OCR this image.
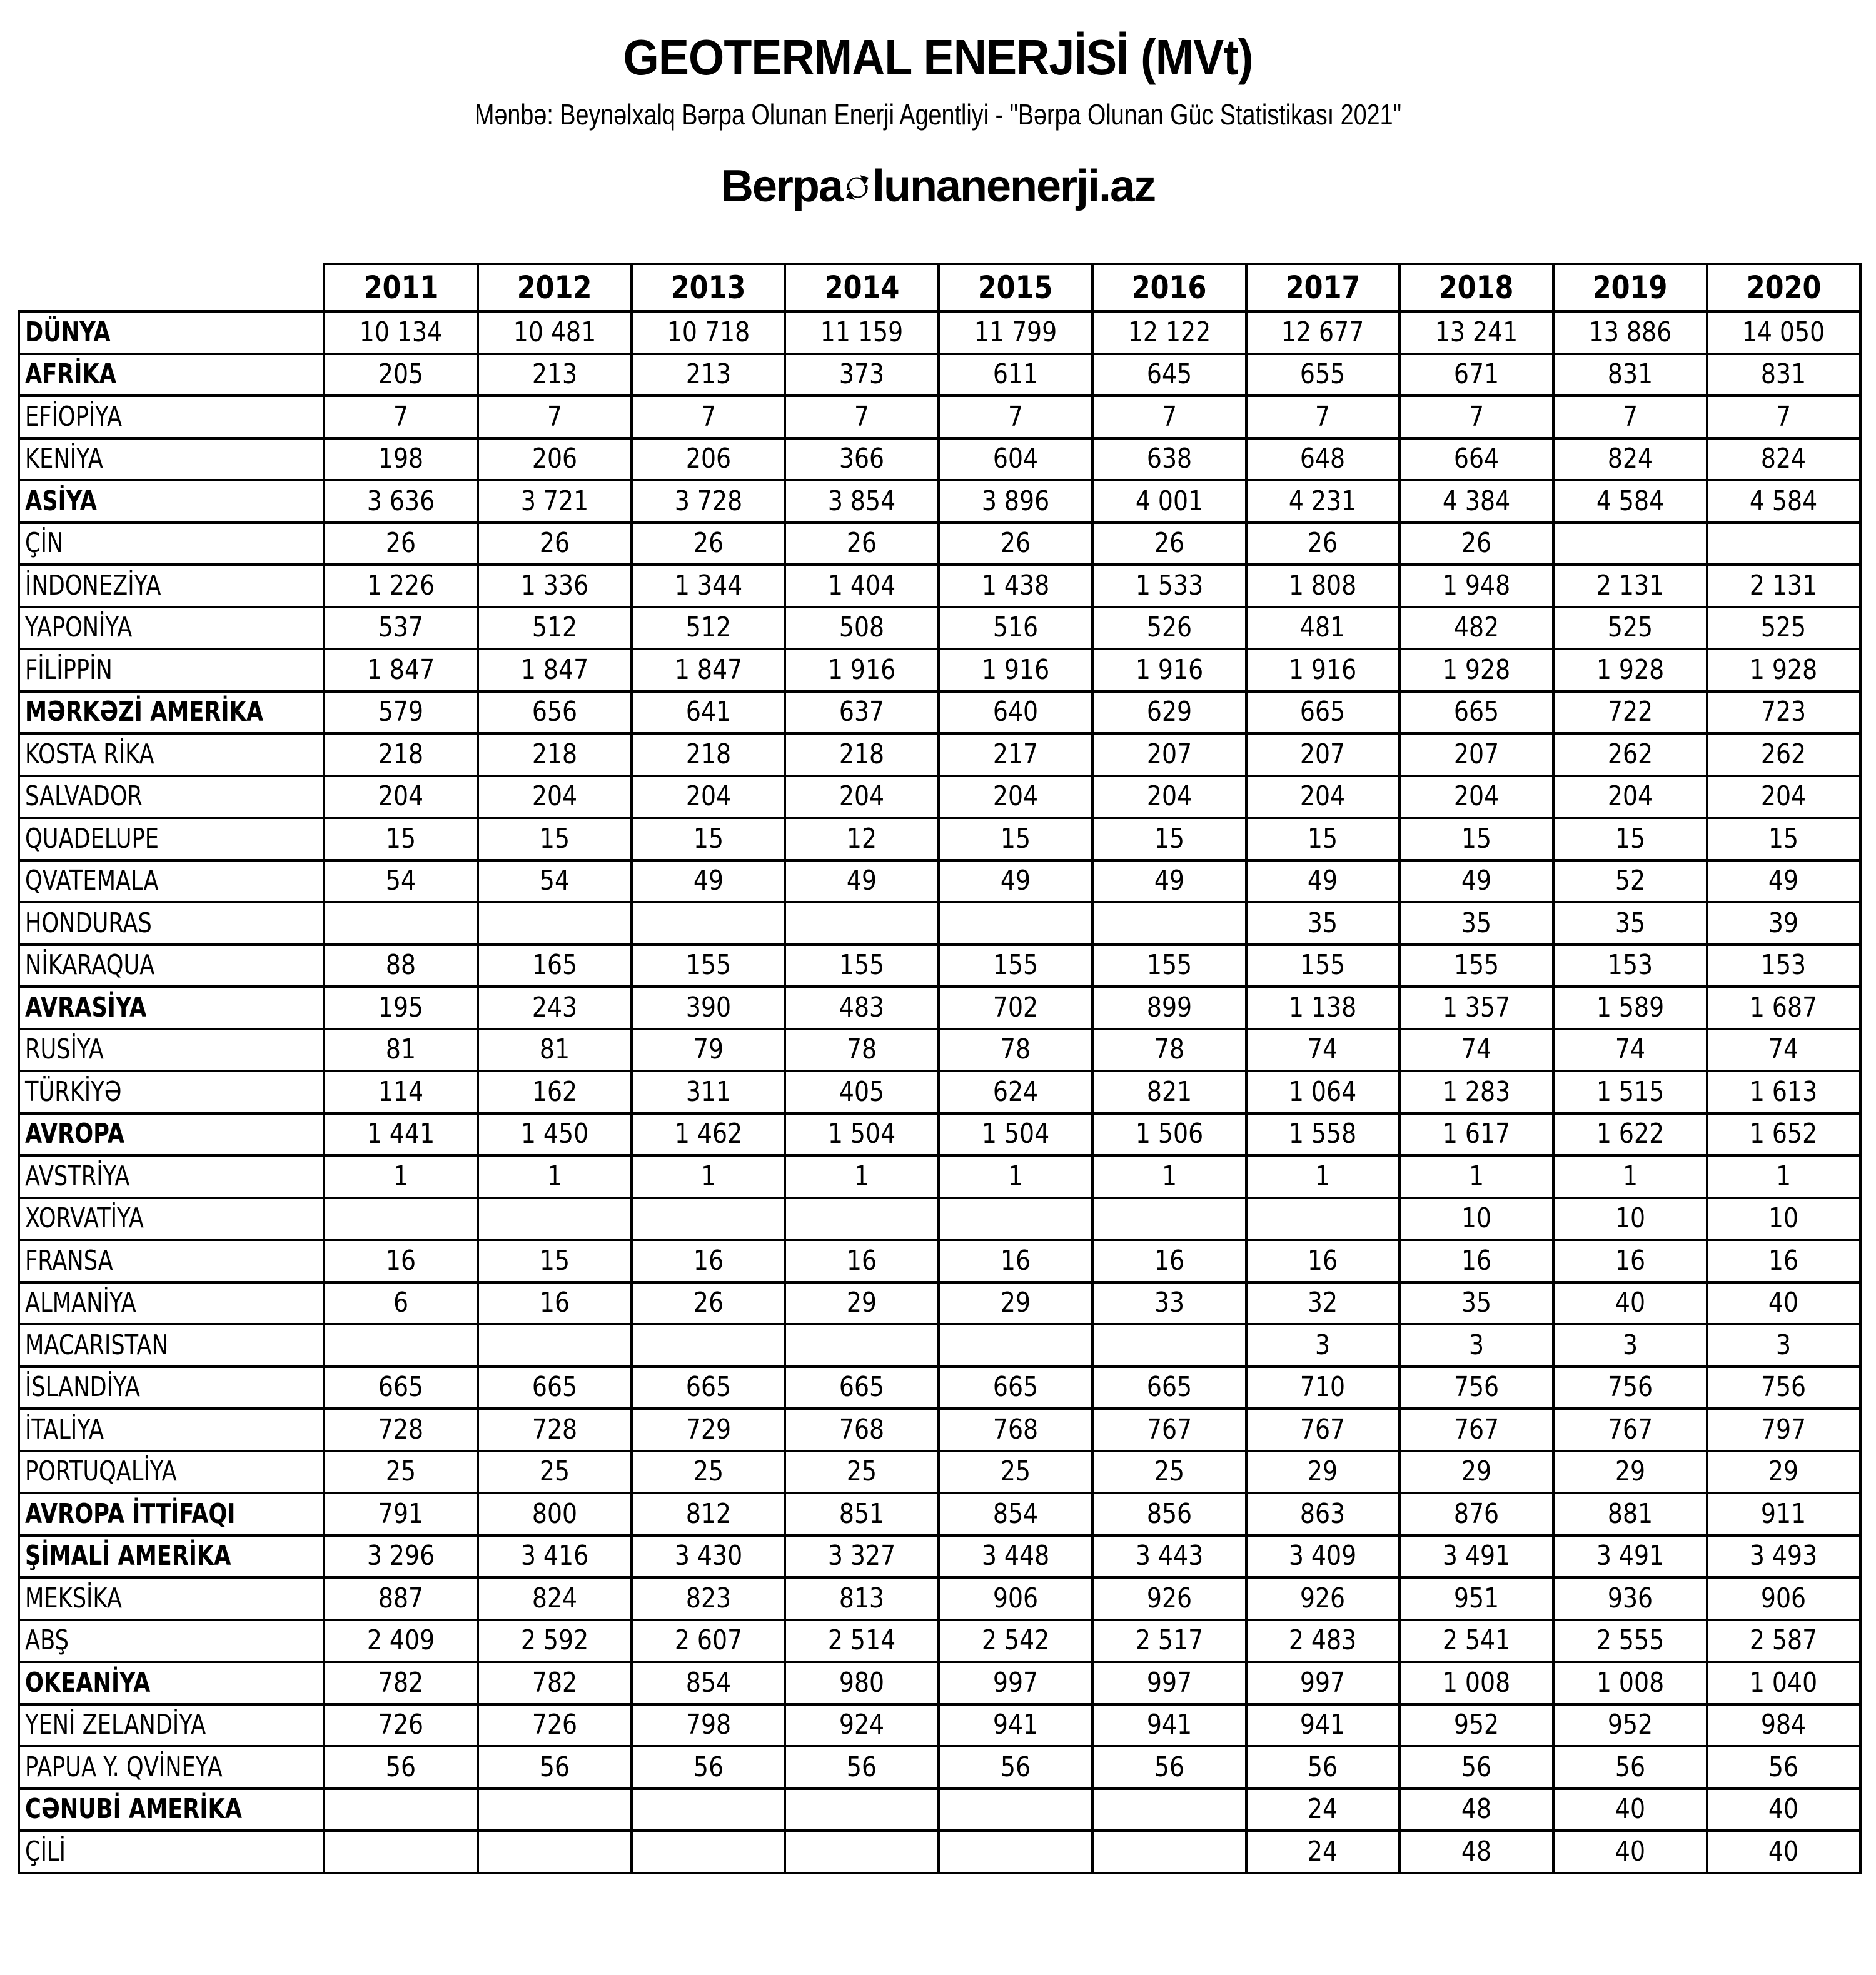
GEOTERMAL ENERJİSİ (MVt)
Mənbə: Beynəlxalq Bərpa Olunan Enerji Agentliyi - "Bərpa Olunan Güc Statistikası 2021"
Berpa lunanenerji.az
	2011	2012	2013	2014	2015	2016	2017	2018	2019	2020
DÜNYA	10 134	10 481	10 718	11 159	11 799	12 122	12 677	13 241	13 886	14 050
AFRİKA	205	213	213	373	611	645	655	671	831	831
EFİOPİYA	7	7	7	7	7	7	7	7	7	7
KENİYA	198	206	206	366	604	638	648	664	824	824
ASİYA	3 636	3 721	3 728	3 854	3 896	4 001	4 231	4 384	4 584	4 584
ÇİN	26	26	26	26	26	26	26	26		
İNDONEZİYA	1 226	1 336	1 344	1 404	1 438	1 533	1 808	1 948	2 131	2 131
YAPONİYA	537	512	512	508	516	526	481	482	525	525
FİLİPPİN	1 847	1 847	1 847	1 916	1 916	1 916	1 916	1 928	1 928	1 928
MƏRKƏZİ AMERİKA	579	656	641	637	640	629	665	665	722	723
KOSTA RİKA	218	218	218	218	217	207	207	207	262	262
SALVADOR	204	204	204	204	204	204	204	204	204	204
QUADELUPE	15	15	15	12	15	15	15	15	15	15
QVATEMALA	54	54	49	49	49	49	49	49	52	49
HONDURAS							35	35	35	39
NİKARAQUA	88	165	155	155	155	155	155	155	153	153
AVRASİYA	195	243	390	483	702	899	1 138	1 357	1 589	1 687
RUSİYA	81	81	79	78	78	78	74	74	74	74
TÜRKİYƏ	114	162	311	405	624	821	1 064	1 283	1 515	1 613
AVROPA	1 441	1 450	1 462	1 504	1 504	1 506	1 558	1 617	1 622	1 652
AVSTRİYA	1	1	1	1	1	1	1	1	1	1
XORVATİYA								10	10	10
FRANSA	16	15	16	16	16	16	16	16	16	16
ALMANİYA	6	16	26	29	29	33	32	35	40	40
MACARISTAN							3	3	3	3
İSLANDİYA	665	665	665	665	665	665	710	756	756	756
İTALİYA	728	728	729	768	768	767	767	767	767	797
PORTUQALİYA	25	25	25	25	25	25	29	29	29	29
AVROPA İTTİFAQI	791	800	812	851	854	856	863	876	881	911
ŞİMALİ AMERİKA	3 296	3 416	3 430	3 327	3 448	3 443	3 409	3 491	3 491	3 493
MEKSİKA	887	824	823	813	906	926	926	951	936	906
ABŞ	2 409	2 592	2 607	2 514	2 542	2 517	2 483	2 541	2 555	2 587
OKEANİYA	782	782	854	980	997	997	997	1 008	1 008	1 040
YENİ ZELANDİYA	726	726	798	924	941	941	941	952	952	984
PAPUA Y. QVİNEYA	56	56	56	56	56	56	56	56	56	56
CƏNUBİ AMERİKA							24	48	40	40
ÇİLİ							24	48	40	40
